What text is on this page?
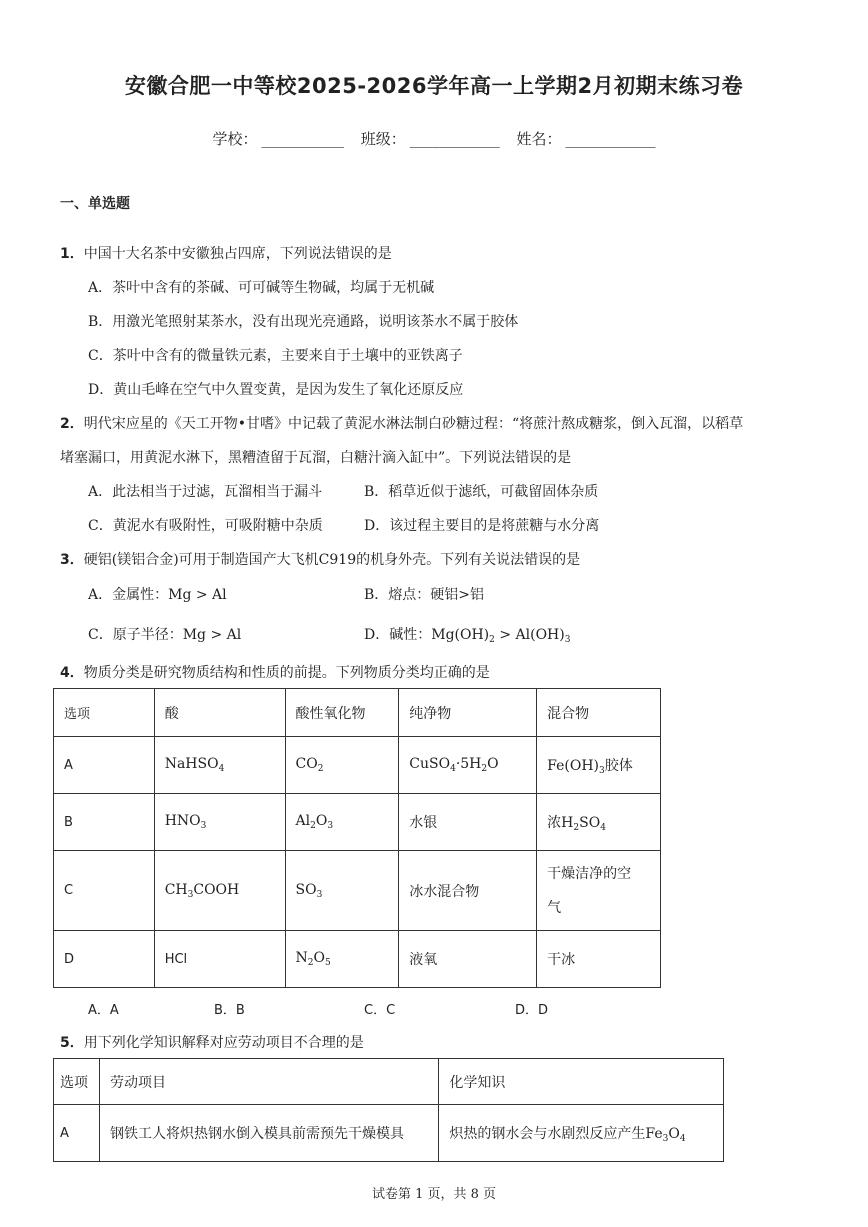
安徽合肥一中等校2025-2026学年高一上学期2月初期末练习卷
学校： ___________ 班级： ____________ 姓名： ____________
一、单选题
1．中国十大名茶中安徽独占四席，下列说法错误的是
A．茶叶中含有的茶碱、可可碱等生物碱，均属于无机碱
B．用激光笔照射某茶水，没有出现光亮通路，说明该茶水不属于胶体
C．茶叶中含有的微量铁元素，主要来自于土壤中的亚铁离子
D．黄山毛峰在空气中久置变黄，是因为发生了氧化还原反应
2．明代宋应星的《天工开物•甘嗜》中记载了黄泥水淋法制白砂糖过程：“将蔗汁熬成糖浆，倒入瓦溜，以稻草
堵塞漏口，用黄泥水淋下，黑糟渣留于瓦溜，白糖汁滴入缸中”。下列说法错误的是
A．此法相当于过滤，瓦溜相当于漏斗	B．稻草近似于滤纸，可截留固体杂质
C．黄泥水有吸附性，可吸附糖中杂质	D．该过程主要目的是将蔗糖与水分离
3．硬铝(镁铝合金)可用于制造国产大飞机C919的机身外壳。下列有关说法错误的是
A．金属性：Mg > Al	B．熔点：硬铝>铝
C．原子半径：Mg > Al	D．碱性：$Mg(OH)_2 > Al(OH)_3$
4．物质分类是研究物质结构和性质的前提。下列物质分类均正确的是
选项	酸	酸性氧化物	纯净物	混合物
A	NaHSO$_4$	$CO_2$	$CuSO_4\cdot 5H_2O$	$Fe(OH)_3$胶体
B	$HNO_3$	$Al_2O_3$	水银	浓$H_2SO_4$
C	$CH_3COOH$	$SO_3$	冰水混合物	干燥洁净的空
气

D	HCl	$N_2O_5$	液氧	干冰
A．A	B．B	C．C	D．D
5．用下列化学知识解释对应劳动项目不合理的是
选项	劳动项目	化学知识
A	钢铁工人将炽热钢水倒入模具前需预先干燥模具	炽热的钢水会与水剧烈反应产生$Fe_3O_4$
试卷第 1 页，共 8 页
